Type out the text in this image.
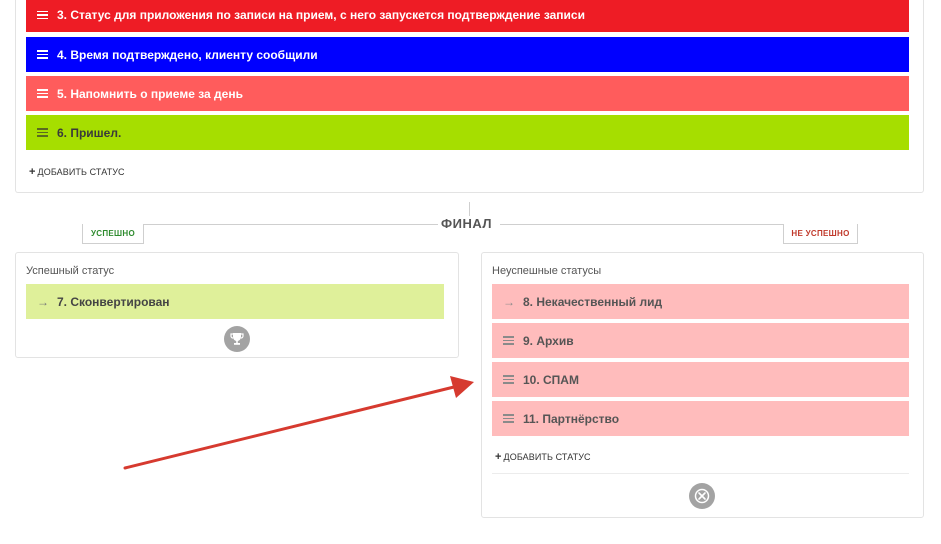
3. Статус для приложения по записи на прием, с него запускется подтверждение записи
4. Время подтверждено, клиенту сообщили
5. Напомнить о приеме за день
6. Пришел.
+ ДОБАВИТЬ СТАТУС
ФИНАЛ
УСПЕШНО	НЕ УСПЕШНО
Успешный статус
→ 7. Сконвертирован
Неуспешные статусы
→ 8. Некачественный лид
9. Архив
10. СПАМ
11. Партнёрство
+ ДОБАВИТЬ СТАТУС
